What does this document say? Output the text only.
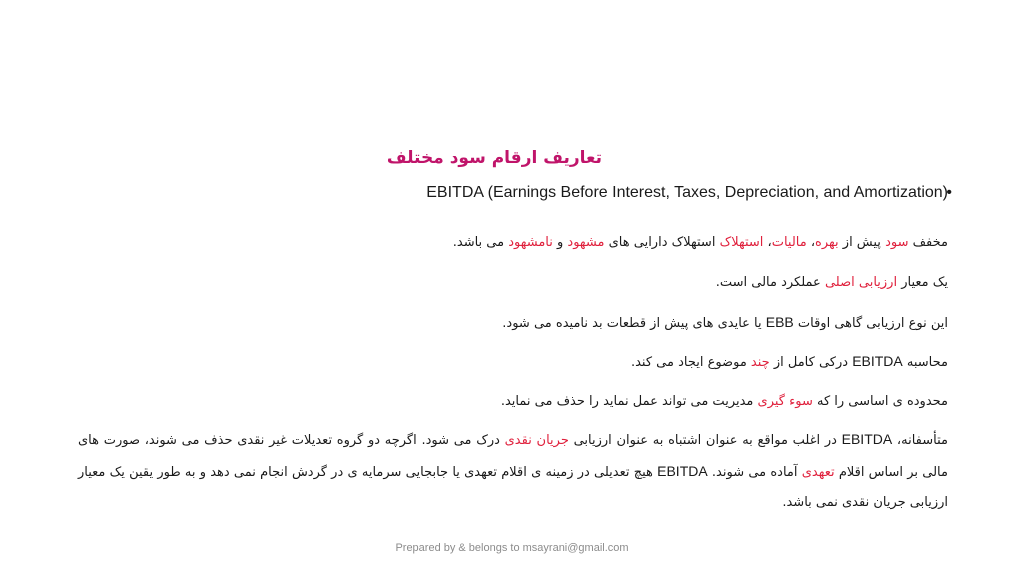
تعاریف ارقام سود مختلف
•
EBITDA (Earnings Before Interest, Taxes, Depreciation, and Amortization)
مخفف سود پیش از بهره، مالیات، استهلاک استهلاک دارایی های مشهود و نامشهود می باشد.
یک معیار ارزیابی اصلی عملکرد مالی است.
این نوع ارزیابی گاهی اوقات EBB یا عایدی های پیش از قطعات بد نامیده می شود.
محاسبه EBITDA درکی کامل از چند موضوع ایجاد می کند.
محدوده ی اساسی را که سوء گیری مدیریت می تواند عمل نماید را حذف می نماید.
متأسفانه، EBITDA در اغلب مواقع به عنوان اشتباه به عنوان ارزیابی جریان نقدی درک می شود. اگرچه دو گروه تعدیلات غیر نقدی حذف می شوند، صورت های مالی بر اساس اقلام تعهدی آماده می شوند. EBITDA هیچ تعدیلی در زمینه ی اقلام تعهدی یا جابجایی سرمایه ی در گردش انجام نمی دهد و به طور یقین یک معیار ارزیابی جریان نقدی نمی باشد.
Prepared by & belongs to msayrani@gmail.com
